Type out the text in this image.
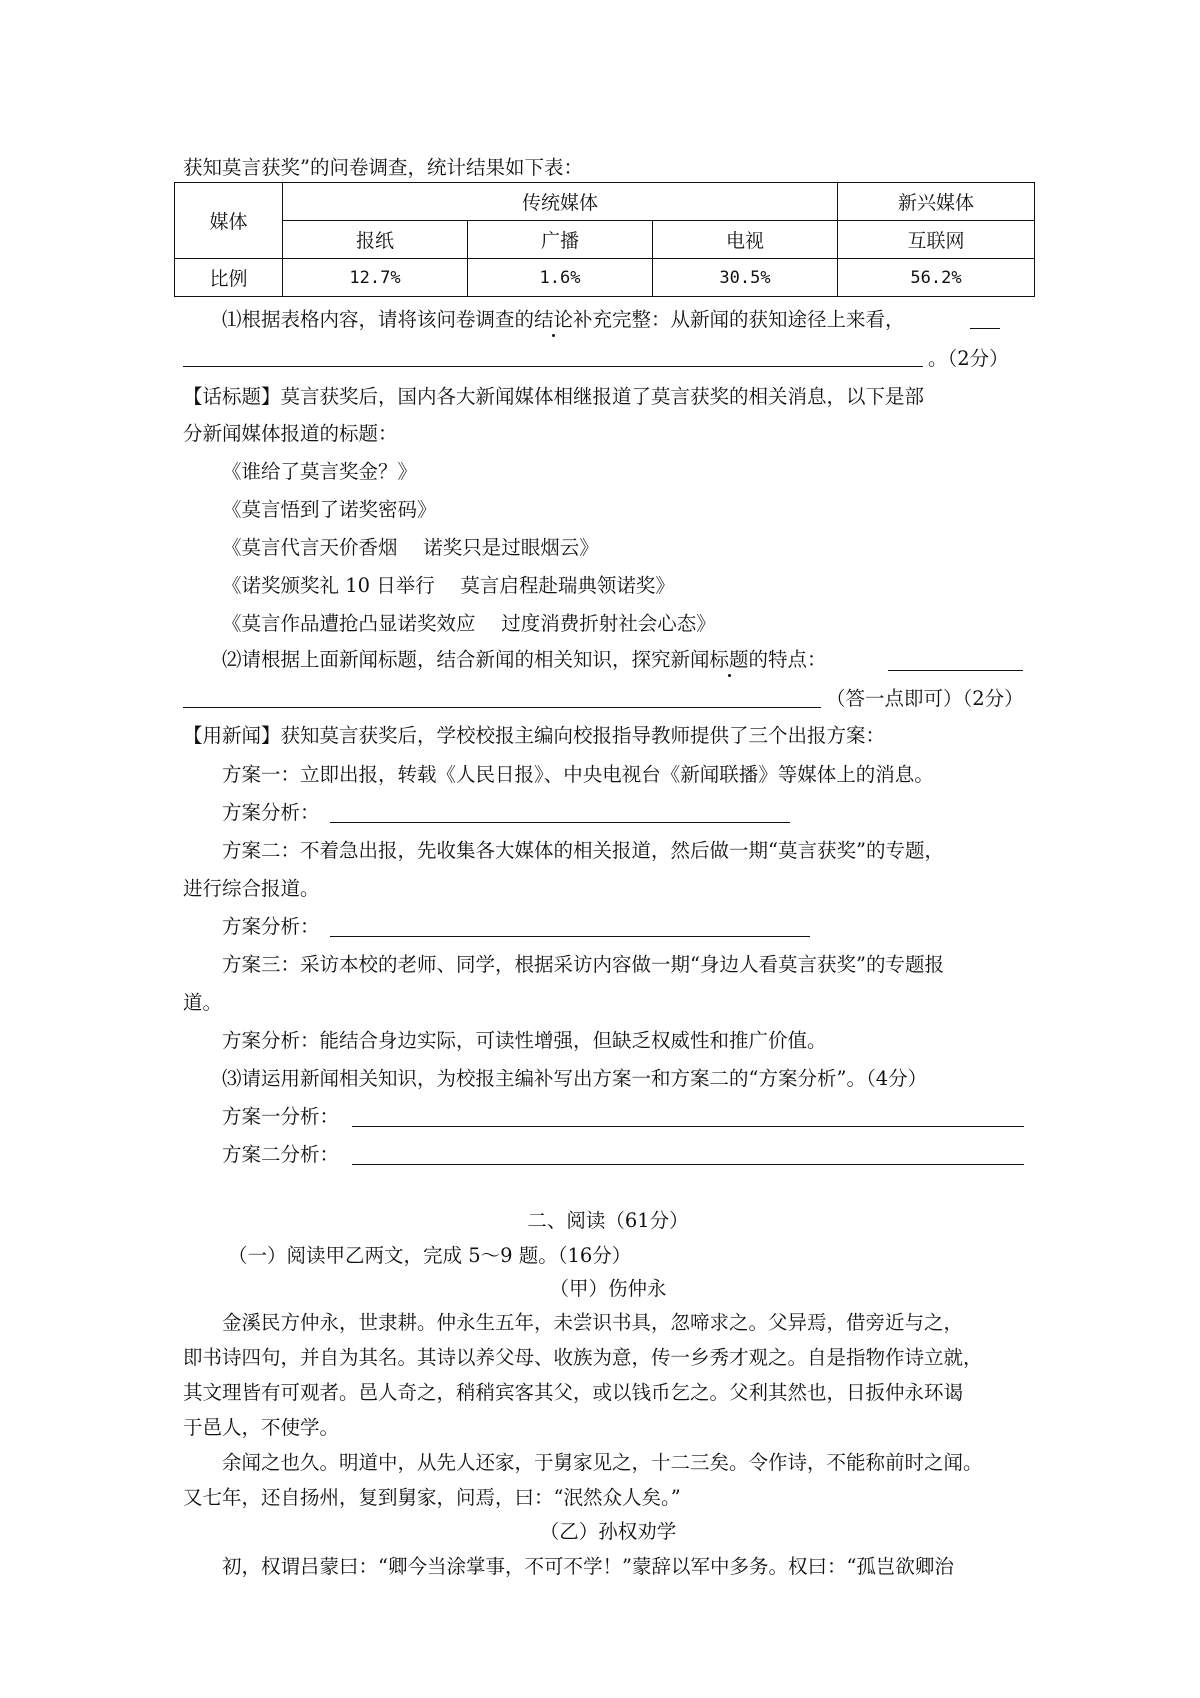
获知莫言获奖”的问卷调查，统计结果如下表：
媒体	传统媒体			新兴媒体
	报纸	广播	电视	互联网
比例	12.7%	1.6%	30.5%	56.2%
⑴根据表格内容，请将该问卷调查的结论补充完整：从新闻的获知途径上来看，
。（2分）
【话标题】莫言获奖后，国内各大新闻媒体相继报道了莫言获奖的相关消息，以下是部
分新闻媒体报道的标题：
《谁给了莫言奖金？》
《莫言悟到了诺奖密码》
《莫言代言天价香烟　 诺奖只是过眼烟云》
《诺奖颁奖礼 10 日举行　 莫言启程赴瑞典领诺奖》
《莫言作品遭抢凸显诺奖效应　 过度消费折射社会心态》
⑵请根据上面新闻标题，结合新闻的相关知识，探究新闻标题的特点：
（答一点即可）（2分）
【用新闻】获知莫言获奖后，学校校报主编向校报指导教师提供了三个出报方案：
方案一：立即出报，转载《人民日报》、中央电视台《新闻联播》等媒体上的消息。
方案分析：
方案二：不着急出报，先收集各大媒体的相关报道，然后做一期“莫言获奖”的专题，
进行综合报道。
方案分析：
方案三：采访本校的老师、同学，根据采访内容做一期“身边人看莫言获奖”的专题报
道。
方案分析：能结合身边实际，可读性增强，但缺乏权威性和推广价值。
⑶请运用新闻相关知识，为校报主编补写出方案一和方案二的“方案分析”。（4分）
方案一分析：
方案二分析：
二、阅读（61分）
（一）阅读甲乙两文，完成 5～9 题。（16分）
（甲）伤仲永
金溪民方仲永，世隶耕。仲永生五年，未尝识书具，忽啼求之。父异焉，借旁近与之，
即书诗四句，并自为其名。其诗以养父母、收族为意，传一乡秀才观之。自是指物作诗立就，
其文理皆有可观者。邑人奇之，稍稍宾客其父，或以钱币乞之。父利其然也，日扳仲永环谒
于邑人，不使学。
余闻之也久。明道中，从先人还家，于舅家见之，十二三矣。令作诗，不能称前时之闻。
又七年，还自扬州，复到舅家，问焉，曰：“泯然众人矣。”
（乙）孙权劝学
初，权谓吕蒙曰：“卿今当涂掌事，不可不学！”蒙辞以军中多务。权曰：“孤岂欲卿治
